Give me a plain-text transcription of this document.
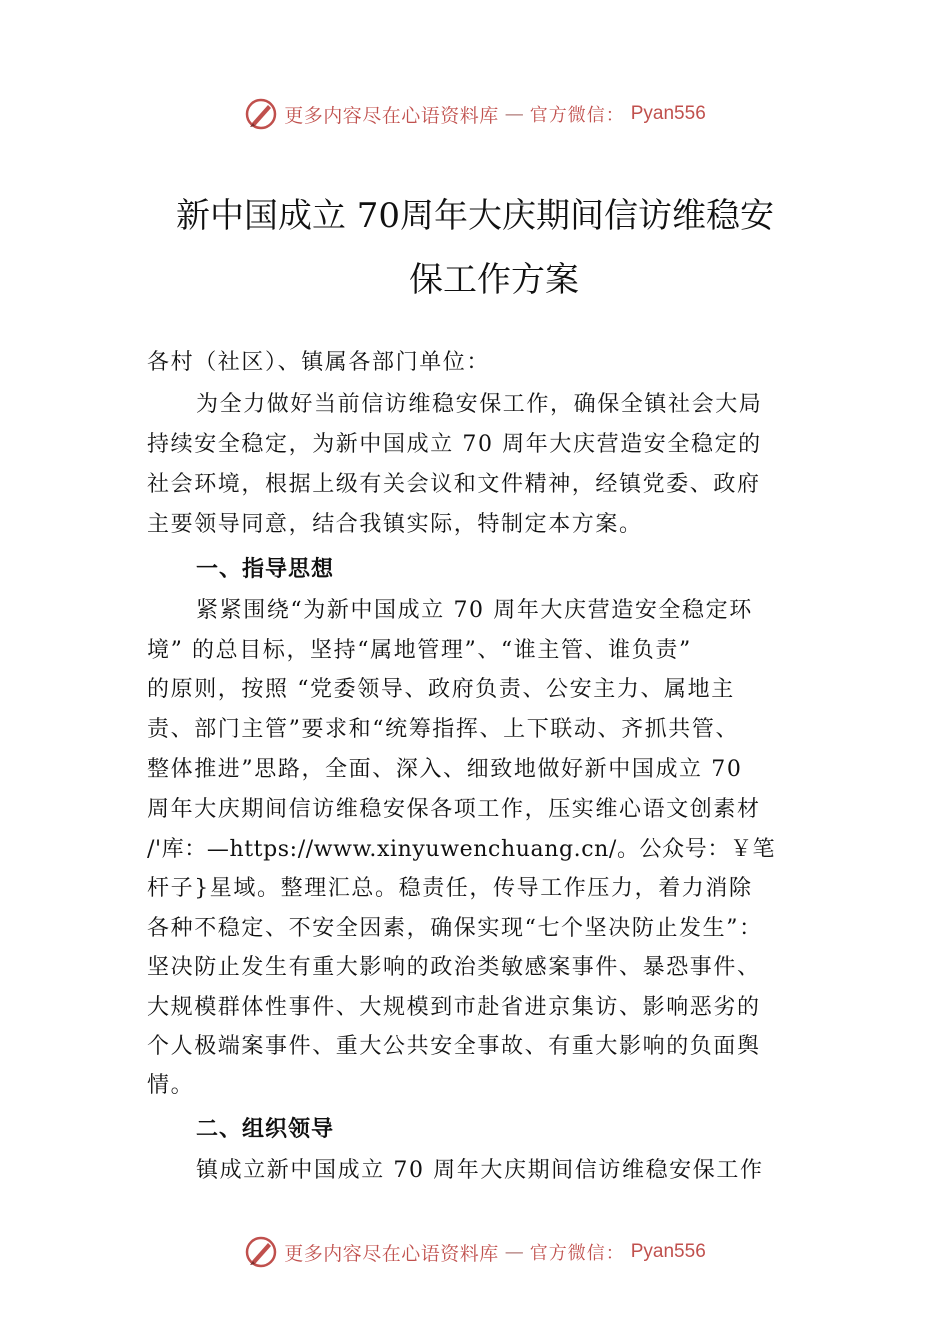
更多内容尽在心语资料库 — 官方微信： Pyan556
新中国成立 70周年大庆期间信访维稳安
保工作方案
各村（社区）、镇属各部门单位：
为全力做好当前信访维稳安保工作，确保全镇社会大局
持续安全稳定，为新中国成立 70 周年大庆营造安全稳定的
社会环境，根据上级有关会议和文件精神，经镇党委、政府
主要领导同意，结合我镇实际，特制定本方案。
一、指导思想
紧紧围绕“为新中国成立 70 周年大庆营造安全稳定环
境” 的总目标，坚持“属地管理”、“谁主管、谁负责”
的原则，按照 “党委领导、政府负责、公安主力、属地主
责、部门主管”要求和“统筹指挥、上下联动、齐抓共管、
整体推进”思路，全面、深入、细致地做好新中国成立 70
周年大庆期间信访维稳安保各项工作，压实维心语文创素材
/'库：—https://www.xinyuwenchuang.cn/。公众号：￥笔
杆子}星域。整理汇总。稳责任，传导工作压力，着力消除
各种不稳定、不安全因素，确保实现“七个坚决防止发生”：
坚决防止发生有重大影响的政治类敏感案事件、暴恐事件、
大规模群体性事件、大规模到市赴省进京集访、影响恶劣的
个人极端案事件、重大公共安全事故、有重大影响的负面舆
情。
二、组织领导
镇成立新中国成立 70 周年大庆期间信访维稳安保工作
更多内容尽在心语资料库 — 官方微信： Pyan556
